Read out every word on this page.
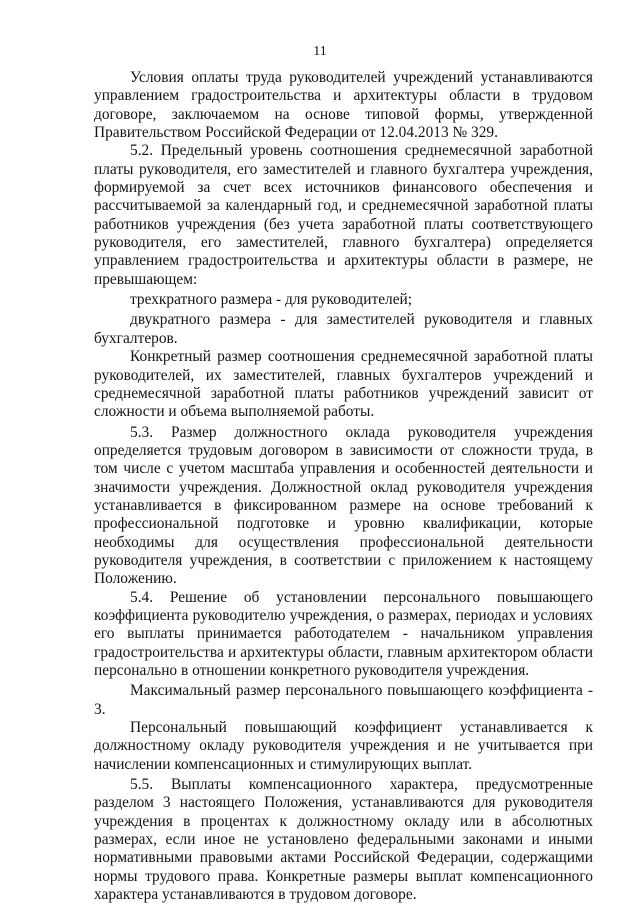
11

Условия оплаты труда руководителей учреждений устанавливаются управлением градостроительства и архитектуры области в трудовом договоре, заключаемом на основе типовой формы, утвержденной Правительством Российской Федерации от 12.04.2013 № 329.

5.2. Предельный уровень соотношения среднемесячной заработной платы руководителя, его заместителей и главного бухгалтера учреждения, формируемой за счет всех источников финансового обеспечения и рассчитываемой за календарный год, и среднемесячной заработной платы работников учреждения (без учета заработной платы соответствующего руководителя, его заместителей, главного бухгалтера) определяется управлением градостроительства и архитектуры области в размере, не превышающем:

трехкратного размера - для руководителей;

двукратного размера - для заместителей руководителя и главных бухгалтеров.

Конкретный размер соотношения среднемесячной заработной платы руководителей, их заместителей, главных бухгалтеров учреждений и среднемесячной заработной платы работников учреждений зависит от сложности и объема выполняемой работы.

5.3. Размер должностного оклада руководителя учреждения определяется трудовым договором в зависимости от сложности труда, в том числе с учетом масштаба управления и особенностей деятельности и значимости учреждения. Должностной оклад руководителя учреждения устанавливается в фиксированном размере на основе требований к профессиональной подготовке и уровню квалификации, которые необходимы для осуществления профессиональной деятельности руководителя учреждения, в соответствии с приложением к настоящему Положению.

5.4. Решение об установлении персонального повышающего коэффициента руководителю учреждения, о размерах, периодах и условиях его выплаты принимается работодателем - начальником управления градостроительства и архитектуры области, главным архитектором области персонально в отношении конкретного руководителя учреждения.

Максимальный размер персонального повышающего коэффициента - 3.

Персональный повышающий коэффициент устанавливается к должностному окладу руководителя учреждения и не учитывается при начислении компенсационных и стимулирующих выплат.

5.5. Выплаты компенсационного характера, предусмотренные разделом 3 настоящего Положения, устанавливаются для руководителя учреждения в процентах к должностному окладу или в абсолютных размерах, если иное не установлено федеральными законами и иными нормативными правовыми актами Российской Федерации, содержащими нормы трудового права. Конкретные размеры выплат компенсационного характера устанавливаются в трудовом договоре.
